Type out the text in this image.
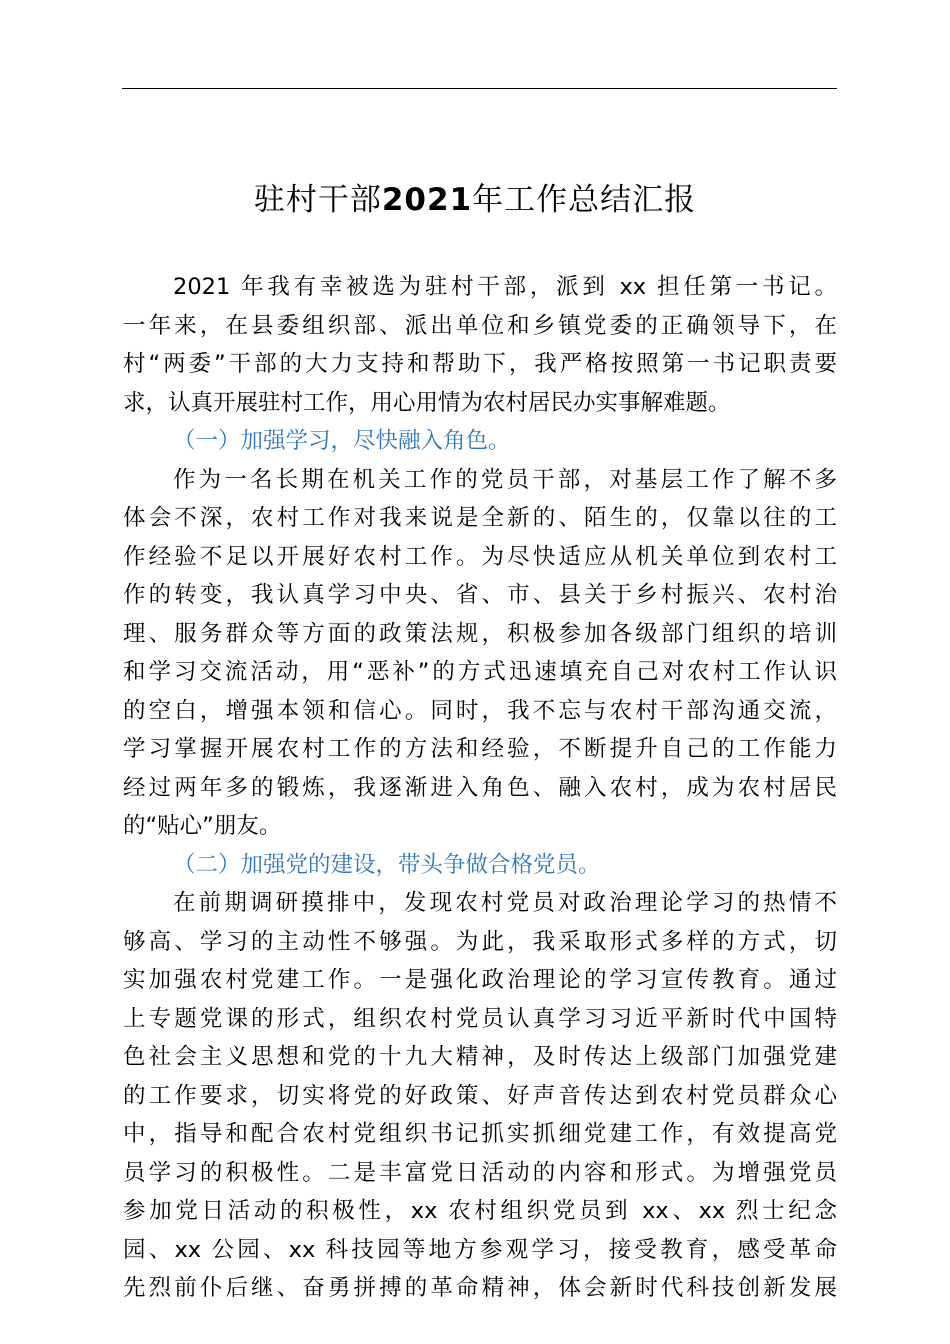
驻村干部2021年工作总结汇报
2021 年我有幸被选为驻村干部，派到 xx 担任第一书记。
一年来，在县委组织部、派出单位和乡镇党委的正确领导下，在
村“两委”干部的大力支持和帮助下，我严格按照第一书记职责要
求，认真开展驻村工作，用心用情为农村居民办实事解难题。
（一）加强学习，尽快融入角色。
作为一名长期在机关工作的党员干部，对基层工作了解不多
体会不深，农村工作对我来说是全新的、陌生的，仅靠以往的工
作经验不足以开展好农村工作。为尽快适应从机关单位到农村工
作的转变，我认真学习中央、省、市、县关于乡村振兴、农村治
理、服务群众等方面的政策法规，积极参加各级部门组织的培训
和学习交流活动，用“恶补”的方式迅速填充自己对农村工作认识
的空白，增强本领和信心。同时，我不忘与农村干部沟通交流，
学习掌握开展农村工作的方法和经验，不断提升自己的工作能力
经过两年多的锻炼，我逐渐进入角色、融入农村，成为农村居民
的“贴心”朋友。
（二）加强党的建设，带头争做合格党员。
在前期调研摸排中，发现农村党员对政治理论学习的热情不
够高、学习的主动性不够强。为此，我采取形式多样的方式，切
实加强农村党建工作。一是强化政治理论的学习宣传教育。通过
上专题党课的形式，组织农村党员认真学习习近平新时代中国特
色社会主义思想和党的十九大精神，及时传达上级部门加强党建
的工作要求，切实将党的好政策、好声音传达到农村党员群众心
中，指导和配合农村党组织书记抓实抓细党建工作，有效提高党
员学习的积极性。二是丰富党日活动的内容和形式。为增强党员
参加党日活动的积极性，xx 农村组织党员到 xx、xx 烈士纪念
园、xx 公园、xx 科技园等地方参观学习，接受教育，感受革命
先烈前仆后继、奋勇拼搏的革命精神，体会新时代科技创新发展
